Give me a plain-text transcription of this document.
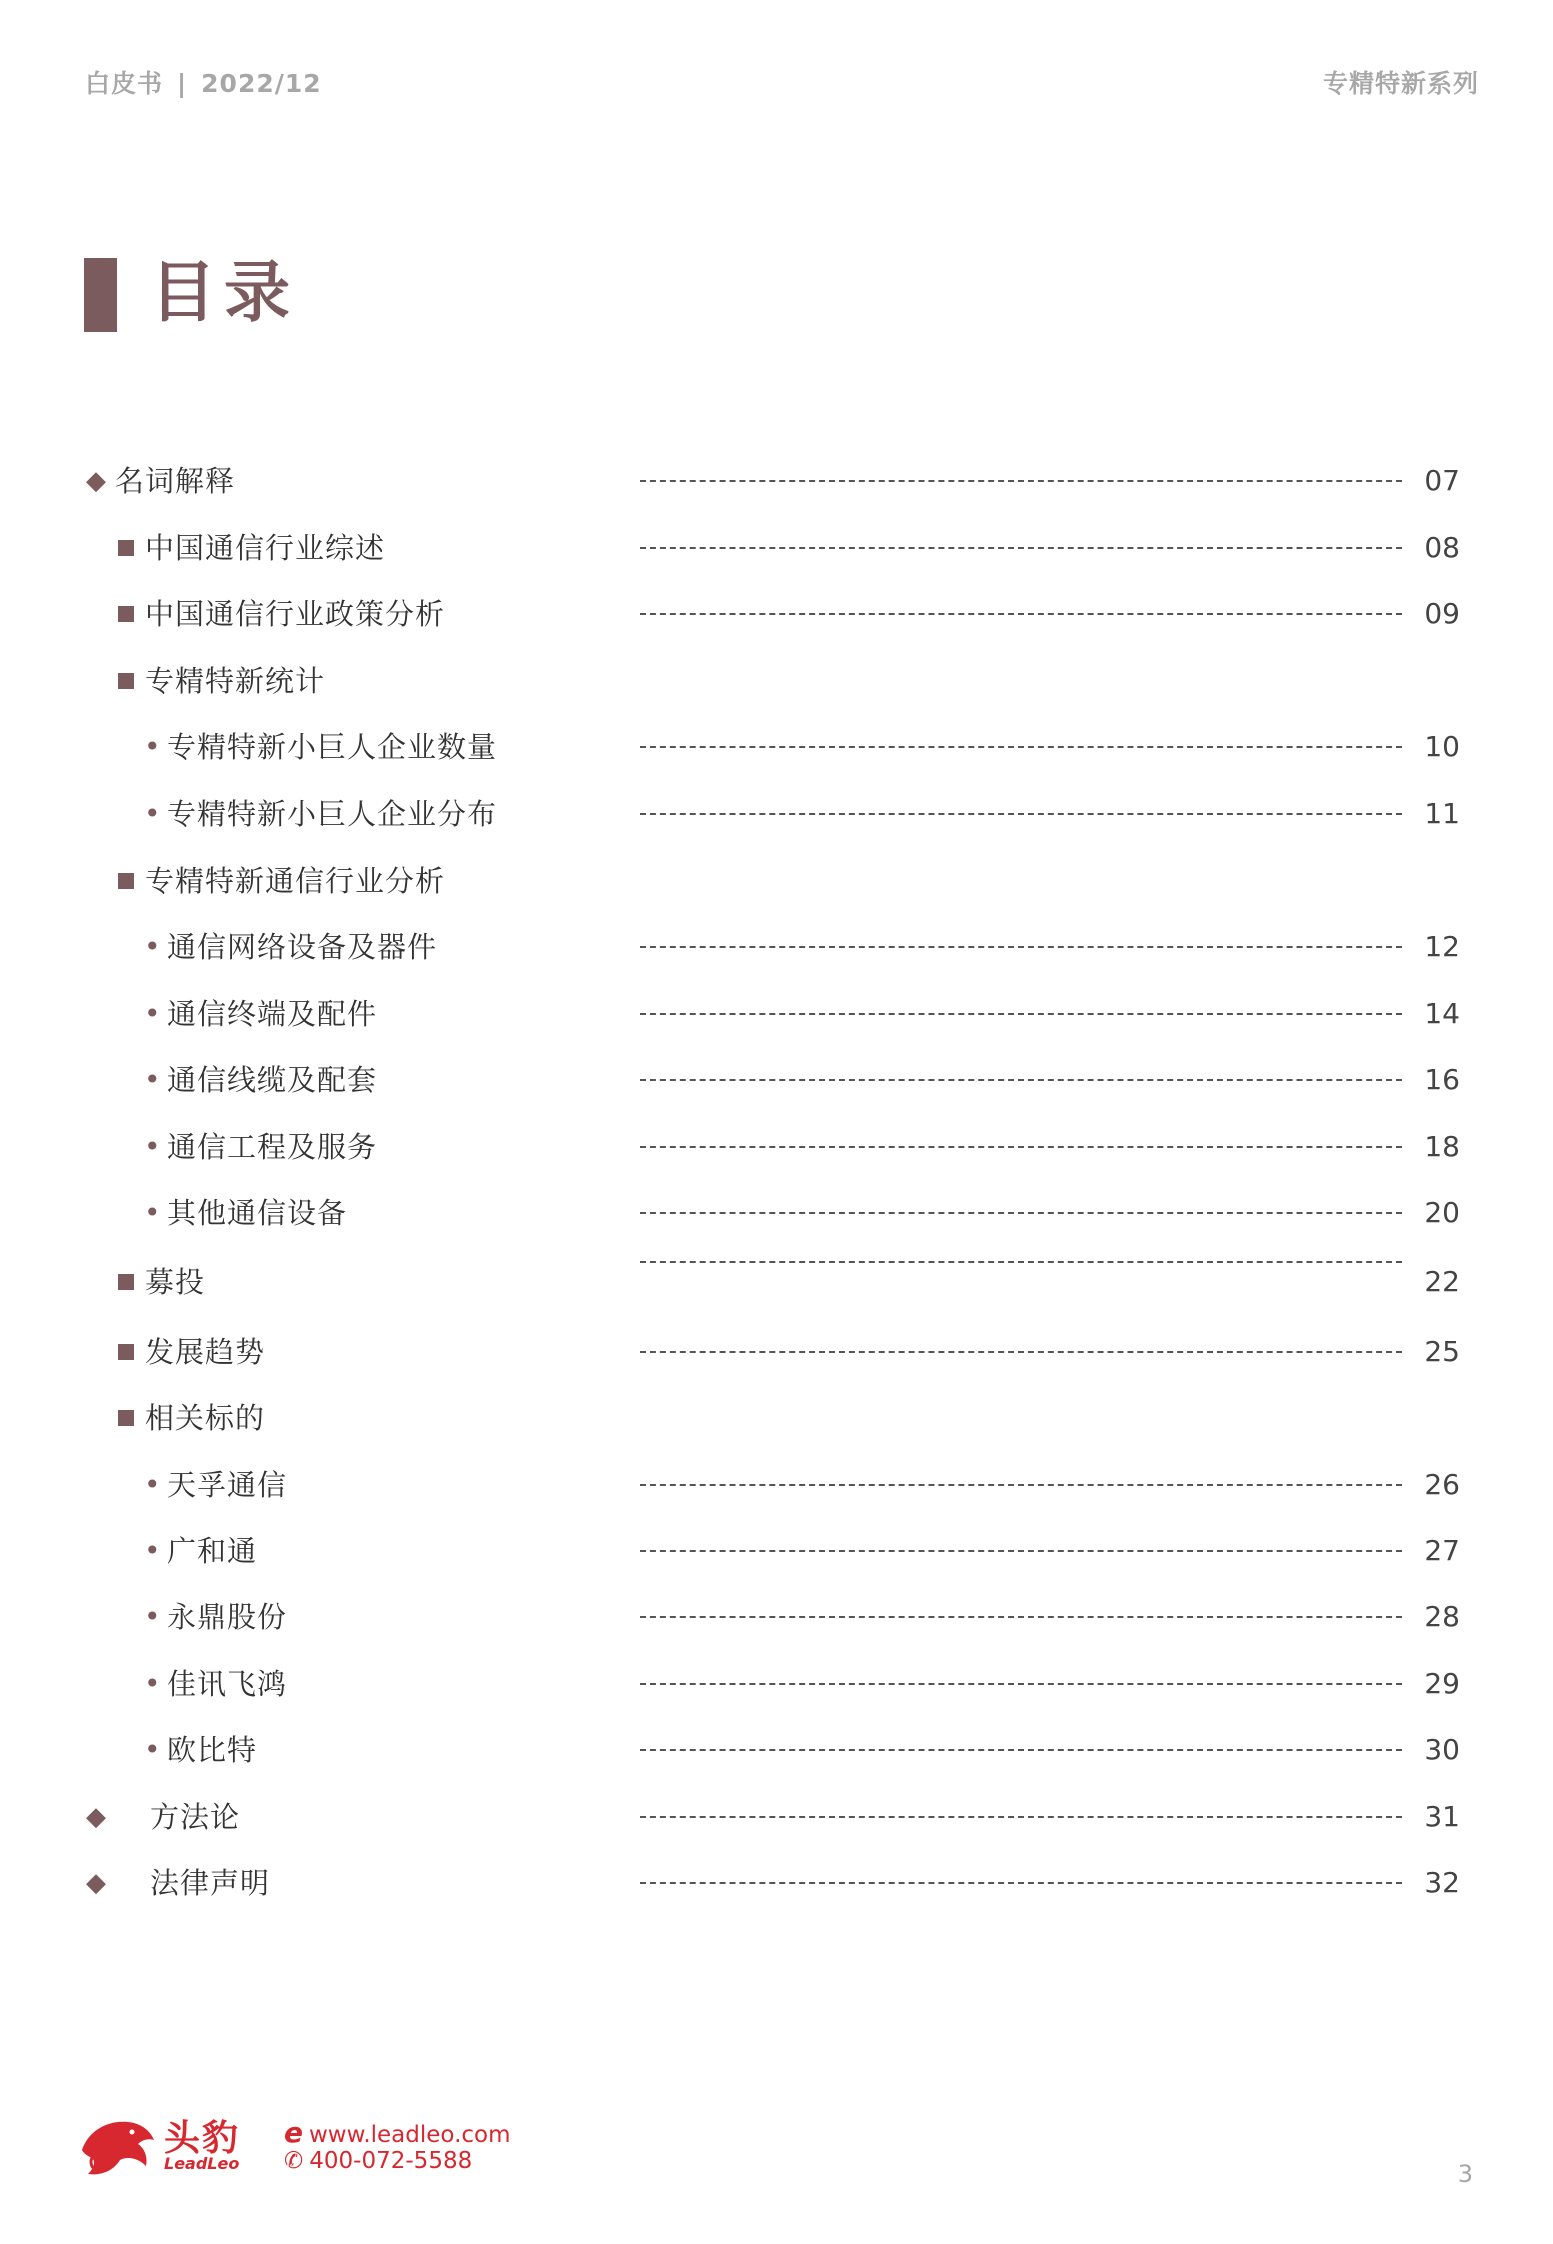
白皮书 | 2022/12	专精特新系列
目录
◆ 名词解释	07
中国通信行业综述	08
中国通信行业政策分析	09
专精特新统计
• 专精特新小巨人企业数量	10
• 专精特新小巨人企业分布	11
专精特新通信行业分析
• 通信网络设备及器件	12
• 通信终端及配件	14
• 通信线缆及配套	16
• 通信工程及服务	18
• 其他通信设备	20
募投	22
发展趋势	25
相关标的
• 天孚通信	26
• 广和通	27
• 永鼎股份	28
• 佳讯飞鸿	29
• 欧比特	30
◆ 方法论	31
◆ 法律声明	32
头豹
LeadLeo
e www.leadleo.com
✆ 400-072-5588	3
